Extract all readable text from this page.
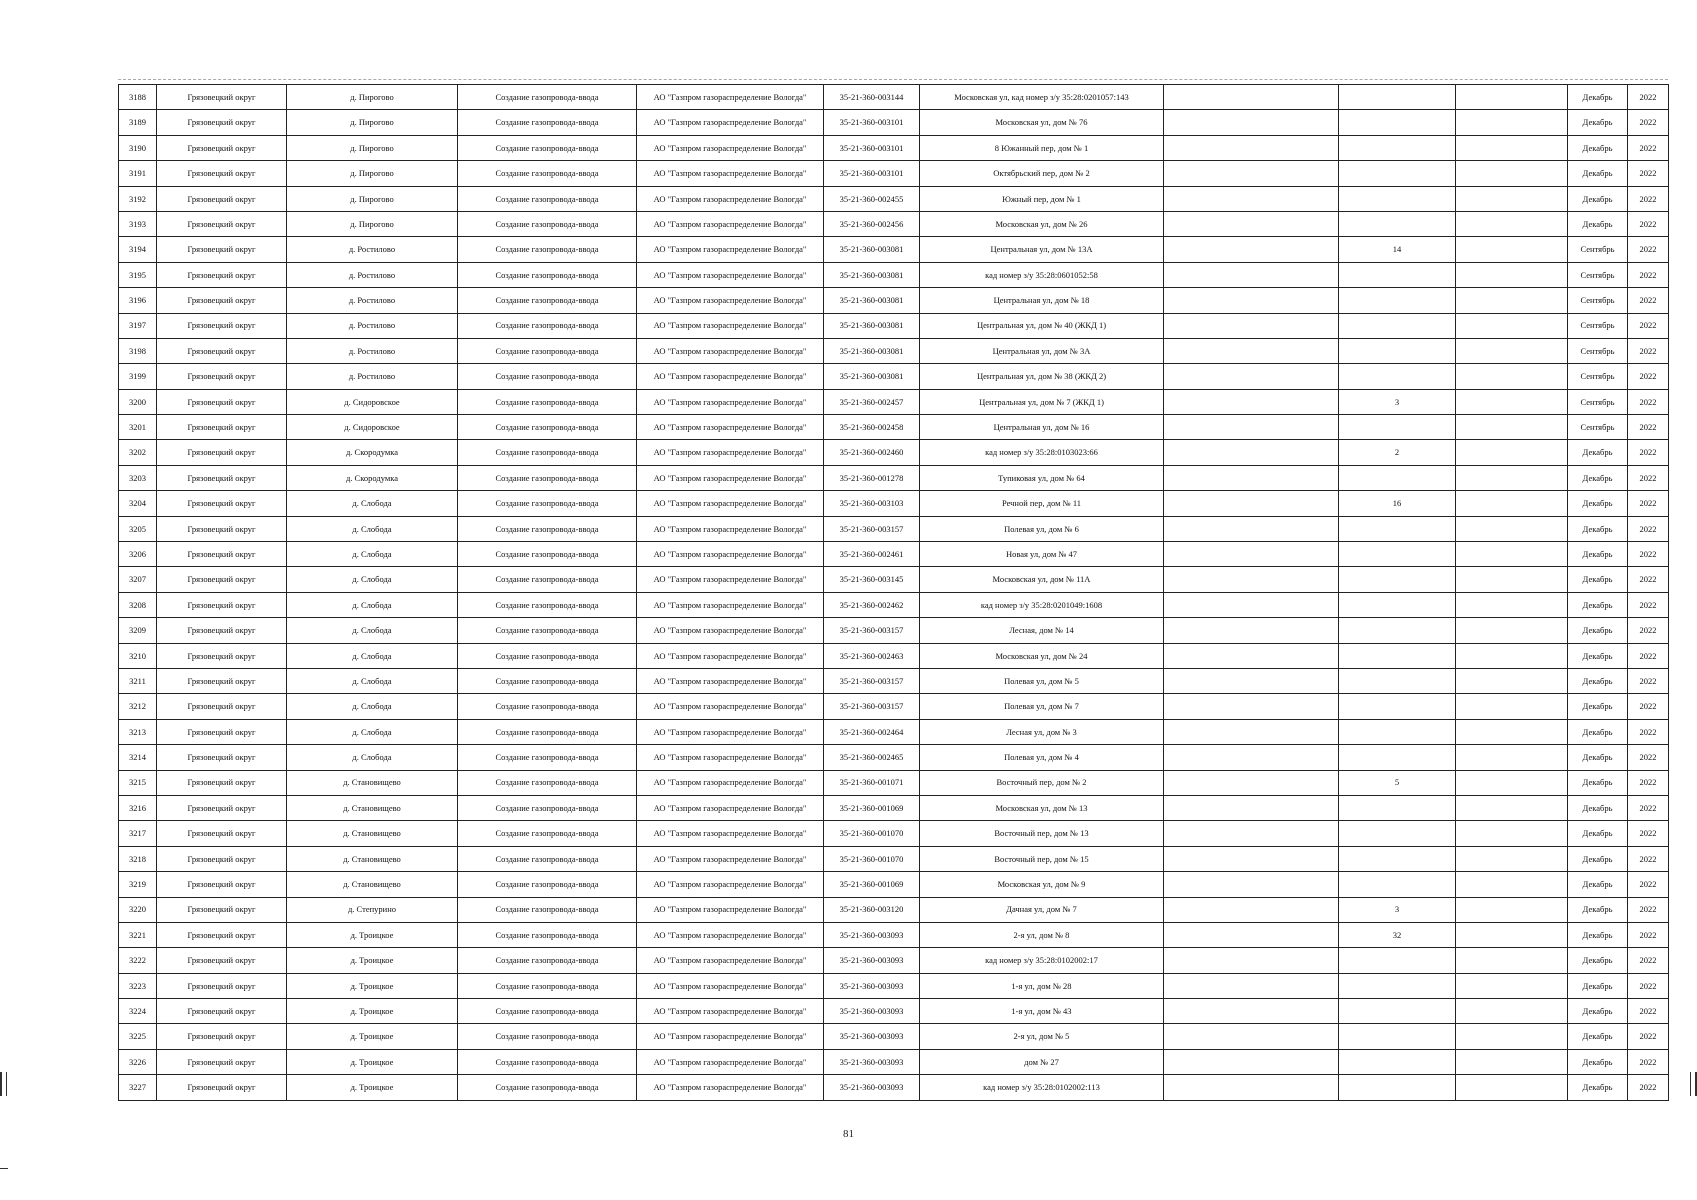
3188	Грязовецкий округ	д. Пирогово	Создание газопровода-ввода	АО "Газпром газораспределение Вологда"	35-21-360-003144	Московская ул, кад номер з/у 35:28:0201057:143				Декабрь	2022
3189	Грязовецкий округ	д. Пирогово	Создание газопровода-ввода	АО "Газпром газораспределение Вологда"	35-21-360-003101	Московская ул, дом № 76				Декабрь	2022
3190	Грязовецкий округ	д. Пирогово	Создание газопровода-ввода	АО "Газпром газораспределение Вологда"	35-21-360-003101	8 Южанный пер, дом № 1				Декабрь	2022
3191	Грязовецкий округ	д. Пирогово	Создание газопровода-ввода	АО "Газпром газораспределение Вологда"	35-21-360-003101	Октябрьский пер, дом № 2				Декабрь	2022
3192	Грязовецкий округ	д. Пирогово	Создание газопровода-ввода	АО "Газпром газораспределение Вологда"	35-21-360-002455	Южный пер, дом № 1				Декабрь	2022
3193	Грязовецкий округ	д. Пирогово	Создание газопровода-ввода	АО "Газпром газораспределение Вологда"	35-21-360-002456	Московская ул, дом № 26				Декабрь	2022
3194	Грязовецкий округ	д. Ростилово	Создание газопровода-ввода	АО "Газпром газораспределение Вологда"	35-21-360-003081	Центральная ул, дом № 13А		14		Сентябрь	2022
3195	Грязовецкий округ	д. Ростилово	Создание газопровода-ввода	АО "Газпром газораспределение Вологда"	35-21-360-003081	кад номер з/у 35:28:0601052:58				Сентябрь	2022
3196	Грязовецкий округ	д. Ростилово	Создание газопровода-ввода	АО "Газпром газораспределение Вологда"	35-21-360-003081	Центральная ул, дом № 18				Сентябрь	2022
3197	Грязовецкий округ	д. Ростилово	Создание газопровода-ввода	АО "Газпром газораспределение Вологда"	35-21-360-003081	Центральная ул, дом № 40 (ЖКД 1)				Сентябрь	2022
3198	Грязовецкий округ	д. Ростилово	Создание газопровода-ввода	АО "Газпром газораспределение Вологда"	35-21-360-003081	Центральная ул, дом № 3А				Сентябрь	2022
3199	Грязовецкий округ	д. Ростилово	Создание газопровода-ввода	АО "Газпром газораспределение Вологда"	35-21-360-003081	Центральная ул, дом № 38 (ЖКД 2)				Сентябрь	2022
3200	Грязовецкий округ	д. Сидоровское	Создание газопровода-ввода	АО "Газпром газораспределение Вологда"	35-21-360-002457	Центральная ул, дом № 7 (ЖКД 1)		3		Сентябрь	2022
3201	Грязовецкий округ	д. Сидоровское	Создание газопровода-ввода	АО "Газпром газораспределение Вологда"	35-21-360-002458	Центральная ул, дом № 16				Сентябрь	2022
3202	Грязовецкий округ	д. Скородумка	Создание газопровода-ввода	АО "Газпром газораспределение Вологда"	35-21-360-002460	кад номер з/у 35:28:0103023:66		2		Декабрь	2022
3203	Грязовецкий округ	д. Скородумка	Создание газопровода-ввода	АО "Газпром газораспределение Вологда"	35-21-360-001278	Тупиковая ул, дом № 64				Декабрь	2022
3204	Грязовецкий округ	д. Слобода	Создание газопровода-ввода	АО "Газпром газораспределение Вологда"	35-21-360-003103	Речной пер, дом № 11		16		Декабрь	2022
3205	Грязовецкий округ	д. Слобода	Создание газопровода-ввода	АО "Газпром газораспределение Вологда"	35-21-360-003157	Полевая ул, дом № 6				Декабрь	2022
3206	Грязовецкий округ	д. Слобода	Создание газопровода-ввода	АО "Газпром газораспределение Вологда"	35-21-360-002461	Новая ул, дом № 47				Декабрь	2022
3207	Грязовецкий округ	д. Слобода	Создание газопровода-ввода	АО "Газпром газораспределение Вологда"	35-21-360-003145	Московская ул, дом № 11А				Декабрь	2022
3208	Грязовецкий округ	д. Слобода	Создание газопровода-ввода	АО "Газпром газораспределение Вологда"	35-21-360-002462	кад номер з/у 35:28:0201049:1608				Декабрь	2022
3209	Грязовецкий округ	д. Слобода	Создание газопровода-ввода	АО "Газпром газораспределение Вологда"	35-21-360-003157	Лесная, дом № 14				Декабрь	2022
3210	Грязовецкий округ	д. Слобода	Создание газопровода-ввода	АО "Газпром газораспределение Вологда"	35-21-360-002463	Московская ул, дом № 24				Декабрь	2022
3211	Грязовецкий округ	д. Слобода	Создание газопровода-ввода	АО "Газпром газораспределение Вологда"	35-21-360-003157	Полевая ул, дом № 5				Декабрь	2022
3212	Грязовецкий округ	д. Слобода	Создание газопровода-ввода	АО "Газпром газораспределение Вологда"	35-21-360-003157	Полевая ул, дом № 7				Декабрь	2022
3213	Грязовецкий округ	д. Слобода	Создание газопровода-ввода	АО "Газпром газораспределение Вологда"	35-21-360-002464	Лесная ул, дом № 3				Декабрь	2022
3214	Грязовецкий округ	д. Слобода	Создание газопровода-ввода	АО "Газпром газораспределение Вологда"	35-21-360-002465	Полевая ул, дом № 4				Декабрь	2022
3215	Грязовецкий округ	д. Становищево	Создание газопровода-ввода	АО "Газпром газораспределение Вологда"	35-21-360-001071	Восточный пер, дом № 2		5		Декабрь	2022
3216	Грязовецкий округ	д. Становищево	Создание газопровода-ввода	АО "Газпром газораспределение Вологда"	35-21-360-001069	Московская ул, дом № 13				Декабрь	2022
3217	Грязовецкий округ	д. Становищево	Создание газопровода-ввода	АО "Газпром газораспределение Вологда"	35-21-360-001070	Восточный пер, дом № 13				Декабрь	2022
3218	Грязовецкий округ	д. Становищево	Создание газопровода-ввода	АО "Газпром газораспределение Вологда"	35-21-360-001070	Восточный пер, дом № 15				Декабрь	2022
3219	Грязовецкий округ	д. Становищево	Создание газопровода-ввода	АО "Газпром газораспределение Вологда"	35-21-360-001069	Московская ул, дом № 9				Декабрь	2022
3220	Грязовецкий округ	д. Степурино	Создание газопровода-ввода	АО "Газпром газораспределение Вологда"	35-21-360-003120	Дачная ул, дом № 7		3		Декабрь	2022
3221	Грязовецкий округ	д. Троицкое	Создание газопровода-ввода	АО "Газпром газораспределение Вологда"	35-21-360-003093	2-я ул, дом № 8		32		Декабрь	2022
3222	Грязовецкий округ	д. Троицкое	Создание газопровода-ввода	АО "Газпром газораспределение Вологда"	35-21-360-003093	кад номер з/у 35:28:0102002:17				Декабрь	2022
3223	Грязовецкий округ	д. Троицкое	Создание газопровода-ввода	АО "Газпром газораспределение Вологда"	35-21-360-003093	1-я ул, дом № 28				Декабрь	2022
3224	Грязовецкий округ	д. Троицкое	Создание газопровода-ввода	АО "Газпром газораспределение Вологда"	35-21-360-003093	1-я ул, дом № 43				Декабрь	2022
3225	Грязовецкий округ	д. Троицкое	Создание газопровода-ввода	АО "Газпром газораспределение Вологда"	35-21-360-003093	2-я ул, дом № 5				Декабрь	2022
3226	Грязовецкий округ	д. Троицкое	Создание газопровода-ввода	АО "Газпром газораспределение Вологда"	35-21-360-003093	дом № 27				Декабрь	2022
3227	Грязовецкий округ	д. Троицкое	Создание газопровода-ввода	АО "Газпром газораспределение Вологда"	35-21-360-003093	кад номер з/у 35:28:0102002:113				Декабрь	2022
81
